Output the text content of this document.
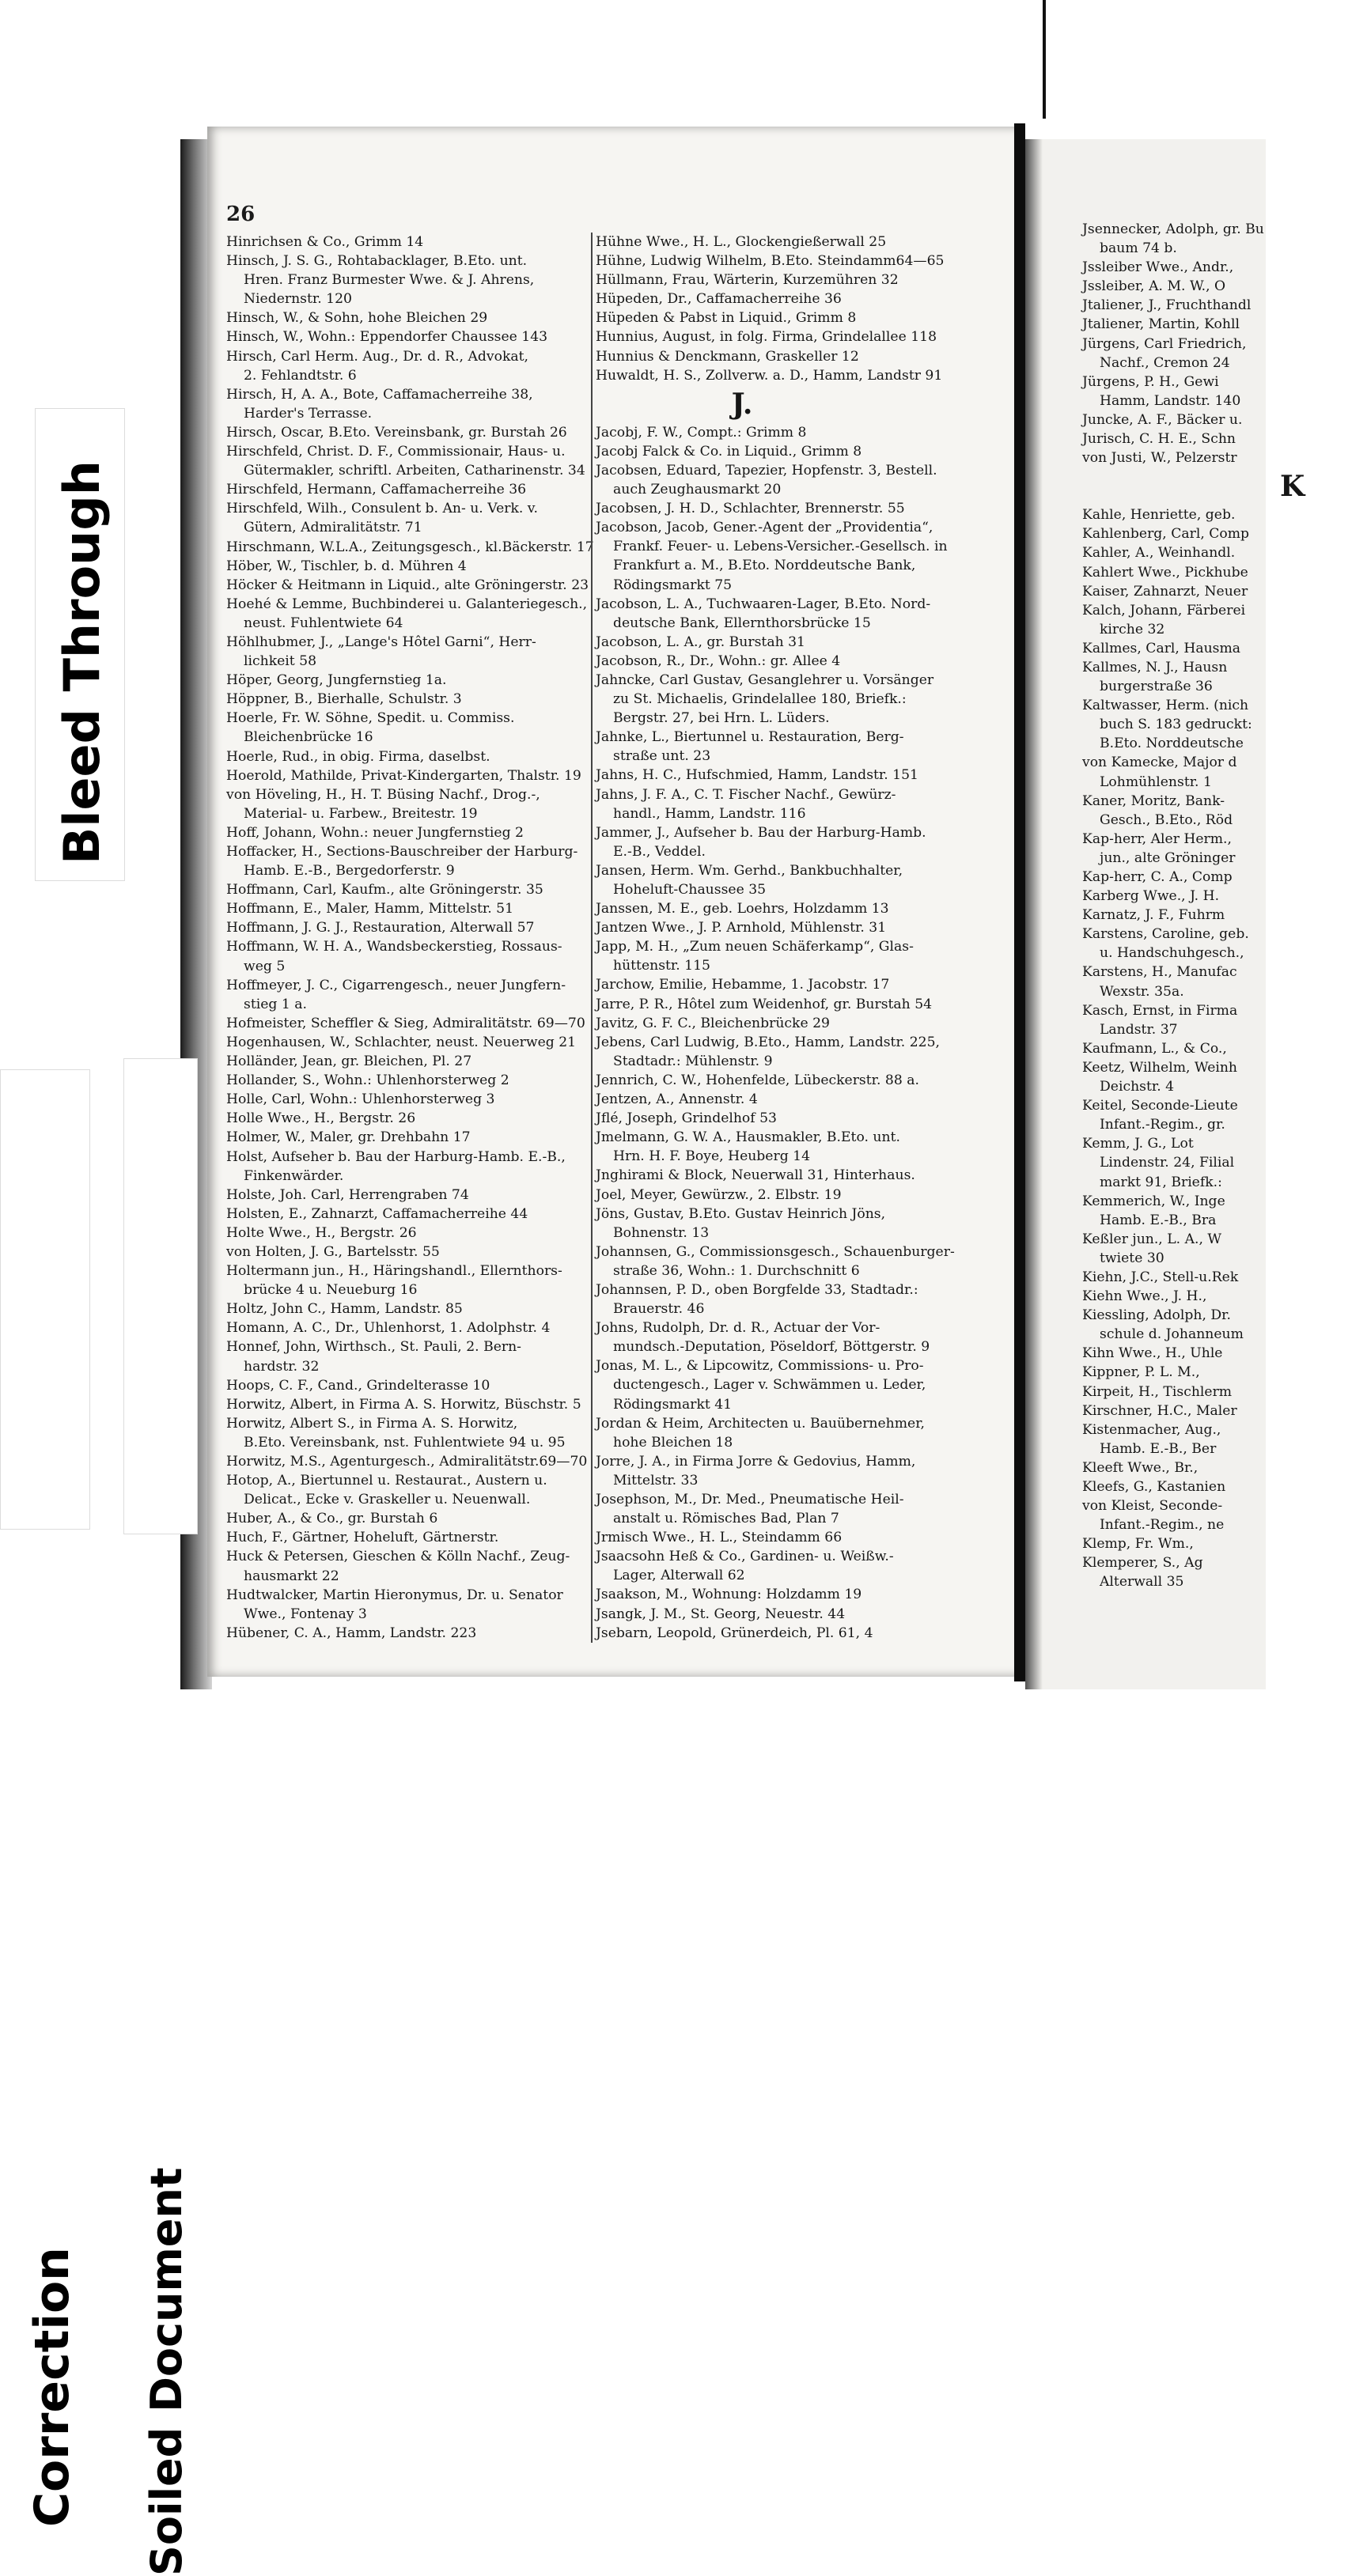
Bleed Through
Correction Soiled Document
26
Hinrichsen & Co., Grimm 14
Hinsch, J. S. G., Rohtabacklager, B.Eto. unt.
Hren. Franz Burmester Wwe. & J. Ahrens,
Niedernstr. 120
Hinsch, W., & Sohn, hohe Bleichen 29
Hinsch, W., Wohn.: Eppendorfer Chaussee 143
Hirsch, Carl Herm. Aug., Dr. d. R., Advokat,
2. Fehlandtstr. 6
Hirsch, H, A. A., Bote, Caffamacherreihe 38,
Harder's Terrasse.
Hirsch, Oscar, B.Eto. Vereinsbank, gr. Burstah 26
Hirschfeld, Christ. D. F., Commissionair, Haus- u.
Gütermakler, schriftl. Arbeiten, Catharinenstr. 34
Hirschfeld, Hermann, Caffamacherreihe 36
Hirschfeld, Wilh., Consulent b. An- u. Verk. v.
Gütern, Admiralitätstr. 71
Hirschmann, W.L.A., Zeitungsgesch., kl.Bäckerstr. 17
Höber, W., Tischler, b. d. Mühren 4
Höcker & Heitmann in Liquid., alte Gröningerstr. 23
Hoehé & Lemme, Buchbinderei u. Galanteriegesch.,
neust. Fuhlentwiete 64
Höhlhubmer, J., „Lange's Hôtel Garni“, Herr-
lichkeit 58
Höper, Georg, Jungfernstieg 1a.
Höppner, B., Bierhalle, Schulstr. 3
Hoerle, Fr. W. Söhne, Spedit. u. Commiss.
Bleichenbrücke 16
Hoerle, Rud., in obig. Firma, daselbst.
Hoerold, Mathilde, Privat-Kindergarten, Thalstr. 19
von Höveling, H., H. T. Büsing Nachf., Drog.-,
Material- u. Farbew., Breitestr. 19
Hoff, Johann, Wohn.: neuer Jungfernstieg 2
Hoffacker, H., Sections-Bauschreiber der Harburg-
Hamb. E.-B., Bergedorferstr. 9
Hoffmann, Carl, Kaufm., alte Gröningerstr. 35
Hoffmann, E., Maler, Hamm, Mittelstr. 51
Hoffmann, J. G. J., Restauration, Alterwall 57
Hoffmann, W. H. A., Wandsbeckerstieg, Rossaus-
weg 5
Hoffmeyer, J. C., Cigarrengesch., neuer Jungfern-
stieg 1 a.
Hofmeister, Scheffler & Sieg, Admiralitätstr. 69—70
Hogenhausen, W., Schlachter, neust. Neuerweg 21
Holländer, Jean, gr. Bleichen, Pl. 27
Hollander, S., Wohn.: Uhlenhorsterweg 2
Holle, Carl, Wohn.: Uhlenhorsterweg 3
Holle Wwe., H., Bergstr. 26
Holmer, W., Maler, gr. Drehbahn 17
Holst, Aufseher b. Bau der Harburg-Hamb. E.-B.,
Finkenwärder.
Holste, Joh. Carl, Herrengraben 74
Holsten, E., Zahnarzt, Caffamacherreihe 44
Holte Wwe., H., Bergstr. 26
von Holten, J. G., Bartelsstr. 55
Holtermann jun., H., Häringshandl., Ellernthors-
brücke 4 u. Neueburg 16
Holtz, John C., Hamm, Landstr. 85
Homann, A. C., Dr., Uhlenhorst, 1. Adolphstr. 4
Honnef, John, Wirthsch., St. Pauli, 2. Bern-
hardstr. 32
Hoops, C. F., Cand., Grindelterasse 10
Horwitz, Albert, in Firma A. S. Horwitz, Büschstr. 5
Horwitz, Albert S., in Firma A. S. Horwitz,
B.Eto. Vereinsbank, nst. Fuhlentwiete 94 u. 95
Horwitz, M.S., Agenturgesch., Admiralitätstr.69—70
Hotop, A., Biertunnel u. Restaurat., Austern u.
Delicat., Ecke v. Graskeller u. Neuenwall.
Huber, A., & Co., gr. Burstah 6
Huch, F., Gärtner, Hoheluft, Gärtnerstr.
Huck & Petersen, Gieschen & Kölln Nachf., Zeug-
hausmarkt 22
Hudtwalcker, Martin Hieronymus, Dr. u. Senator
Wwe., Fontenay 3
Hübener, C. A., Hamm, Landstr. 223
Hühne Wwe., H. L., Glockengießerwall 25
Hühne, Ludwig Wilhelm, B.Eto. Steindamm64—65
Hüllmann, Frau, Wärterin, Kurzemühren 32
Hüpeden, Dr., Caffamacherreihe 36
Hüpeden & Pabst in Liquid., Grimm 8
Hunnius, August, in folg. Firma, Grindelallee 118
Hunnius & Denckmann, Graskeller 12
Huwaldt, H. S., Zollverw. a. D., Hamm, Landstr 91
J.
Jacobj, F. W., Compt.: Grimm 8
Jacobj Falck & Co. in Liquid., Grimm 8
Jacobsen, Eduard, Tapezier, Hopfenstr. 3, Bestell.
auch Zeughausmarkt 20
Jacobsen, J. H. D., Schlachter, Brennerstr. 55
Jacobson, Jacob, Gener.-Agent der „Providentia“,
Frankf. Feuer- u. Lebens-Versicher.-Gesellsch. in
Frankfurt a. M., B.Eto. Norddeutsche Bank,
Rödingsmarkt 75
Jacobson, L. A., Tuchwaaren-Lager, B.Eto. Nord-
deutsche Bank, Ellernthorsbrücke 15
Jacobson, L. A., gr. Burstah 31
Jacobson, R., Dr., Wohn.: gr. Allee 4
Jahncke, Carl Gustav, Gesanglehrer u. Vorsänger
zu St. Michaelis, Grindelallee 180, Briefk.:
Bergstr. 27, bei Hrn. L. Lüders.
Jahnke, L., Biertunnel u. Restauration, Berg-
straße unt. 23
Jahns, H. C., Hufschmied, Hamm, Landstr. 151
Jahns, J. F. A., C. T. Fischer Nachf., Gewürz-
handl., Hamm, Landstr. 116
Jammer, J., Aufseher b. Bau der Harburg-Hamb.
E.-B., Veddel.
Jansen, Herm. Wm. Gerhd., Bankbuchhalter,
Hoheluft-Chaussee 35
Janssen, M. E., geb. Loehrs, Holzdamm 13
Jantzen Wwe., J. P. Arnhold, Mühlenstr. 31
Japp, M. H., „Zum neuen Schäferkamp“, Glas-
hüttenstr. 115
Jarchow, Emilie, Hebamme, 1. Jacobstr. 17
Jarre, P. R., Hôtel zum Weidenhof, gr. Burstah 54
Javitz, G. F. C., Bleichenbrücke 29
Jebens, Carl Ludwig, B.Eto., Hamm, Landstr. 225,
Stadtadr.: Mühlenstr. 9
Jennrich, C. W., Hohenfelde, Lübeckerstr. 88 a.
Jentzen, A., Annenstr. 4
Jflé, Joseph, Grindelhof 53
Jmelmann, G. W. A., Hausmakler, B.Eto. unt.
Hrn. H. F. Boye, Heuberg 14
Jnghirami & Block, Neuerwall 31, Hinterhaus.
Joel, Meyer, Gewürzw., 2. Elbstr. 19
Jöns, Gustav, B.Eto. Gustav Heinrich Jöns,
Bohnenstr. 13
Johannsen, G., Commissionsgesch., Schauenburger-
straße 36, Wohn.: 1. Durchschnitt 6
Johannsen, P. D., oben Borgfelde 33, Stadtadr.:
Brauerstr. 46
Johns, Rudolph, Dr. d. R., Actuar der Vor-
mundsch.-Deputation, Pöseldorf, Böttgerstr. 9
Jonas, M. L., & Lipcowitz, Commissions- u. Pro-
ductengesch., Lager v. Schwämmen u. Leder,
Rödingsmarkt 41
Jordan & Heim, Architecten u. Bauübernehmer,
hohe Bleichen 18
Jorre, J. A., in Firma Jorre & Gedovius, Hamm,
Mittelstr. 33
Josephson, M., Dr. Med., Pneumatische Heil-
anstalt u. Römisches Bad, Plan 7
Jrmisch Wwe., H. L., Steindamm 66
Jsaacsohn Heß & Co., Gardinen- u. Weißw.-
Lager, Alterwall 62
Jsaakson, M., Wohnung: Holzdamm 19
Jsangk, J. M., St. Georg, Neuestr. 44
Jsebarn, Leopold, Grünerdeich, Pl. 61, 4
Jsennecker, Adolph, gr. Bu
baum 74 b.
Jssleiber Wwe., Andr.,
Jssleiber, A. M. W., O
Jtaliener, J., Fruchthandl
Jtaliener, Martin, Kohll
Jürgens, Carl Friedrich,
Nachf., Cremon 24
Jürgens, P. H., Gewi
Hamm, Landstr. 140
Juncke, A. F., Bäcker u.
Jurisch, C. H. E., Schn
von Justi, W., Pelzerstr
K
Kahle, Henriette, geb.
Kahlenberg, Carl, Comp
Kahler, A., Weinhandl.
Kahlert Wwe., Pickhube
Kaiser, Zahnarzt, Neuer
Kalch, Johann, Färberei
kirche 32
Kallmes, Carl, Hausma
Kallmes, N. J., Hausn
burgerstraße 36
Kaltwasser, Herm. (nich
buch S. 183 gedruckt:
B.Eto. Norddeutsche
von Kamecke, Major d
Lohmühlenstr. 1
Kaner, Moritz, Bank-
Gesch., B.Eto., Röd
Kap-herr, Aler Herm.,
jun., alte Gröninger
Kap-herr, C. A., Comp
Karberg Wwe., J. H.
Karnatz, J. F., Fuhrm
Karstens, Caroline, geb.
u. Handschuhgesch.,
Karstens, H., Manufac
Wexstr. 35a.
Kasch, Ernst, in Firma
Landstr. 37
Kaufmann, L., & Co.,
Keetz, Wilhelm, Weinh
Deichstr. 4
Keitel, Seconde-Lieute
Infant.-Regim., gr.
Kemm, J. G., Lot
Lindenstr. 24, Filial
markt 91, Briefk.:
Kemmerich, W., Inge
Hamb. E.-B., Bra
Keßler jun., L. A., W
twiete 30
Kiehn, J.C., Stell-u.Rek
Kiehn Wwe., J. H.,
Kiessling, Adolph, Dr.
schule d. Johanneum
Kihn Wwe., H., Uhle
Kippner, P. L. M.,
Kirpeit, H., Tischlerm
Kirschner, H.C., Maler
Kistenmacher, Aug.,
Hamb. E.-B., Ber
Kleeft Wwe., Br.,
Kleefs, G., Kastanien
von Kleist, Seconde-
Infant.-Regim., ne
Klemp, Fr. Wm.,
Klemperer, S., Ag
Alterwall 35
